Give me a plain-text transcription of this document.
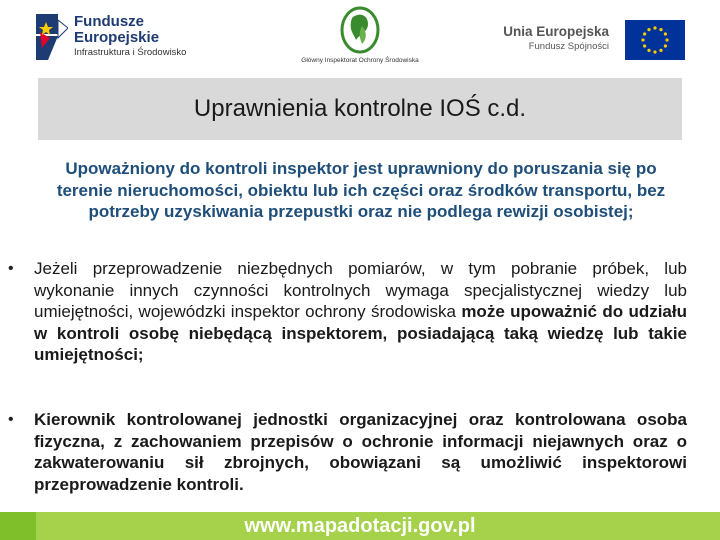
Fundusze
Europejskie
Infrastruktura i Środowisko
Główny Inspektorat Ochrony Środowiska
Unia Europejska
Fundusz Spójności
Uprawnienia kontrolne IOŚ c.d.
Upoważniony do kontroli inspektor jest uprawniony do poruszania się po terenie nieruchomości, obiektu lub ich części oraz środków transportu, bez potrzeby uzyskiwania przepustki oraz nie podlega rewizji osobistej;
•	Jeżeli przeprowadzenie niezbędnych pomiarów, w tym pobranie próbek, lub wykonanie innych czynności kontrolnych wymaga specjalistycznej wiedzy lub umiejętności, wojewódzki inspektor ochrony środowiska może upoważnić do udziału w kontroli osobę niebędącą inspektorem, posiadającą taką wiedzę lub takie umiejętności;
•	Kierownik kontrolowanej jednostki organizacyjnej oraz kontrolowana osoba fizyczna, z zachowaniem przepisów o ochronie informacji niejawnych oraz o zakwaterowaniu sił zbrojnych, obowiązani są umożliwić inspektorowi przeprowadzenie kontroli.
www.mapadotacji.gov.pl
